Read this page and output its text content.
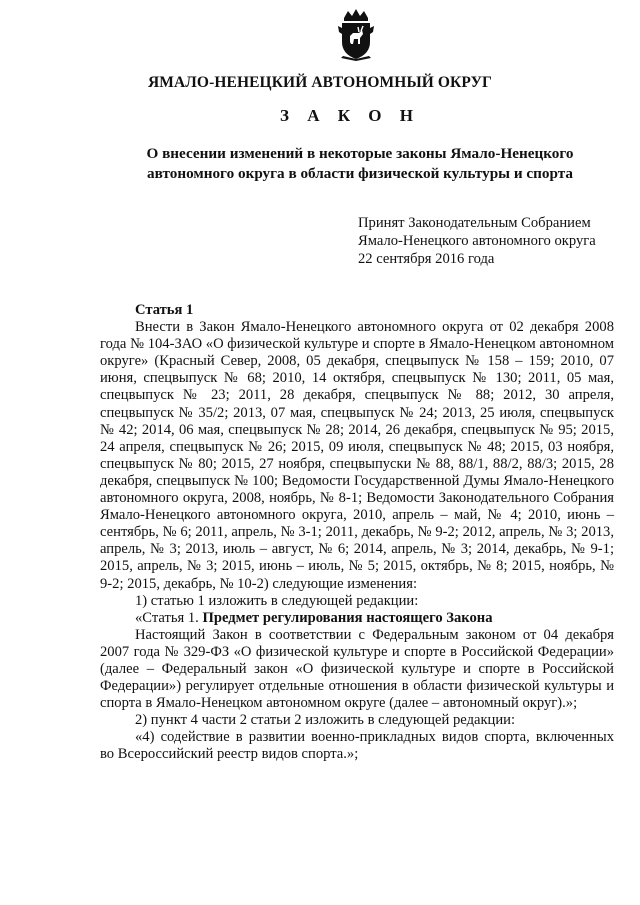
ЯМАЛО-НЕНЕЦКИЙ АВТОНОМНЫЙ ОКРУГ
З А К О Н
О внесении изменений в некоторые законы Ямало-Ненецкого
автономного округа в области физической культуры и спорта
Принят Законодательным Собранием
Ямало-Ненецкого автономного округа
22 сентября 2016 года

Статья 1

Внести в Закон Ямало-Ненецкого автономного округа от 02 декабря 2008 года № 104-ЗАО «О физической культуре и спорте в Ямало-Ненецком автономном округе» (Красный Север, 2008, 05 декабря, спецвыпуск № 158 – 159; 2010, 07 июня, спецвыпуск № 68; 2010, 14 октября, спецвыпуск № 130; 2011, 05 мая, спецвыпуск № 23; 2011, 28 декабря, спецвыпуск № 88; 2012, 30 апреля, спецвыпуск № 35/2; 2013, 07 мая, спецвыпуск № 24; 2013, 25 июля, спецвыпуск № 42; 2014, 06 мая, спецвыпуск № 28; 2014, 26 декабря, спецвыпуск № 95; 2015, 24 апреля, спецвыпуск № 26; 2015, 09 июля, спецвыпуск № 48; 2015, 03 ноября, спецвыпуск № 80; 2015, 27 ноября, спецвыпуски № 88, 88/1, 88/2, 88/3; 2015, 28 декабря, спецвыпуск № 100; Ведомости Государственной Думы Ямало-Ненецкого автономного округа, 2008, ноябрь, № 8-1; Ведомости Законодательного Собрания Ямало-Ненецкого автономного округа, 2010, апрель – май, № 4; 2010, июнь – сентябрь, № 6; 2011, апрель, № 3-1; 2011, декабрь, № 9-2; 2012, апрель, № 3; 2013, апрель, № 3; 2013, июль – август, № 6; 2014, апрель, № 3; 2014, декабрь, № 9-1; 2015, апрель, № 3; 2015, июнь – июль, № 5; 2015, октябрь, № 8; 2015, ноябрь, № 9-2; 2015, декабрь, № 10-2) следующие изменения:

1) статью 1 изложить в следующей редакции:

«Статья 1. Предмет регулирования настоящего Закона

Настоящий Закон в соответствии с Федеральным законом от 04 декабря 2007 года № 329-ФЗ «О физической культуре и спорте в Российской Федерации» (далее – Федеральный закон «О физической культуре и спорте в Российской Федерации») регулирует отдельные отношения в области физической культуры и спорта в Ямало-Ненецком автономном округе (далее – автономный округ).»;

2) пункт 4 части 2 статьи 2 изложить в следующей редакции:

«4) содействие в развитии военно-прикладных видов спорта, включенных во Всероссийский реестр видов спорта.»;
